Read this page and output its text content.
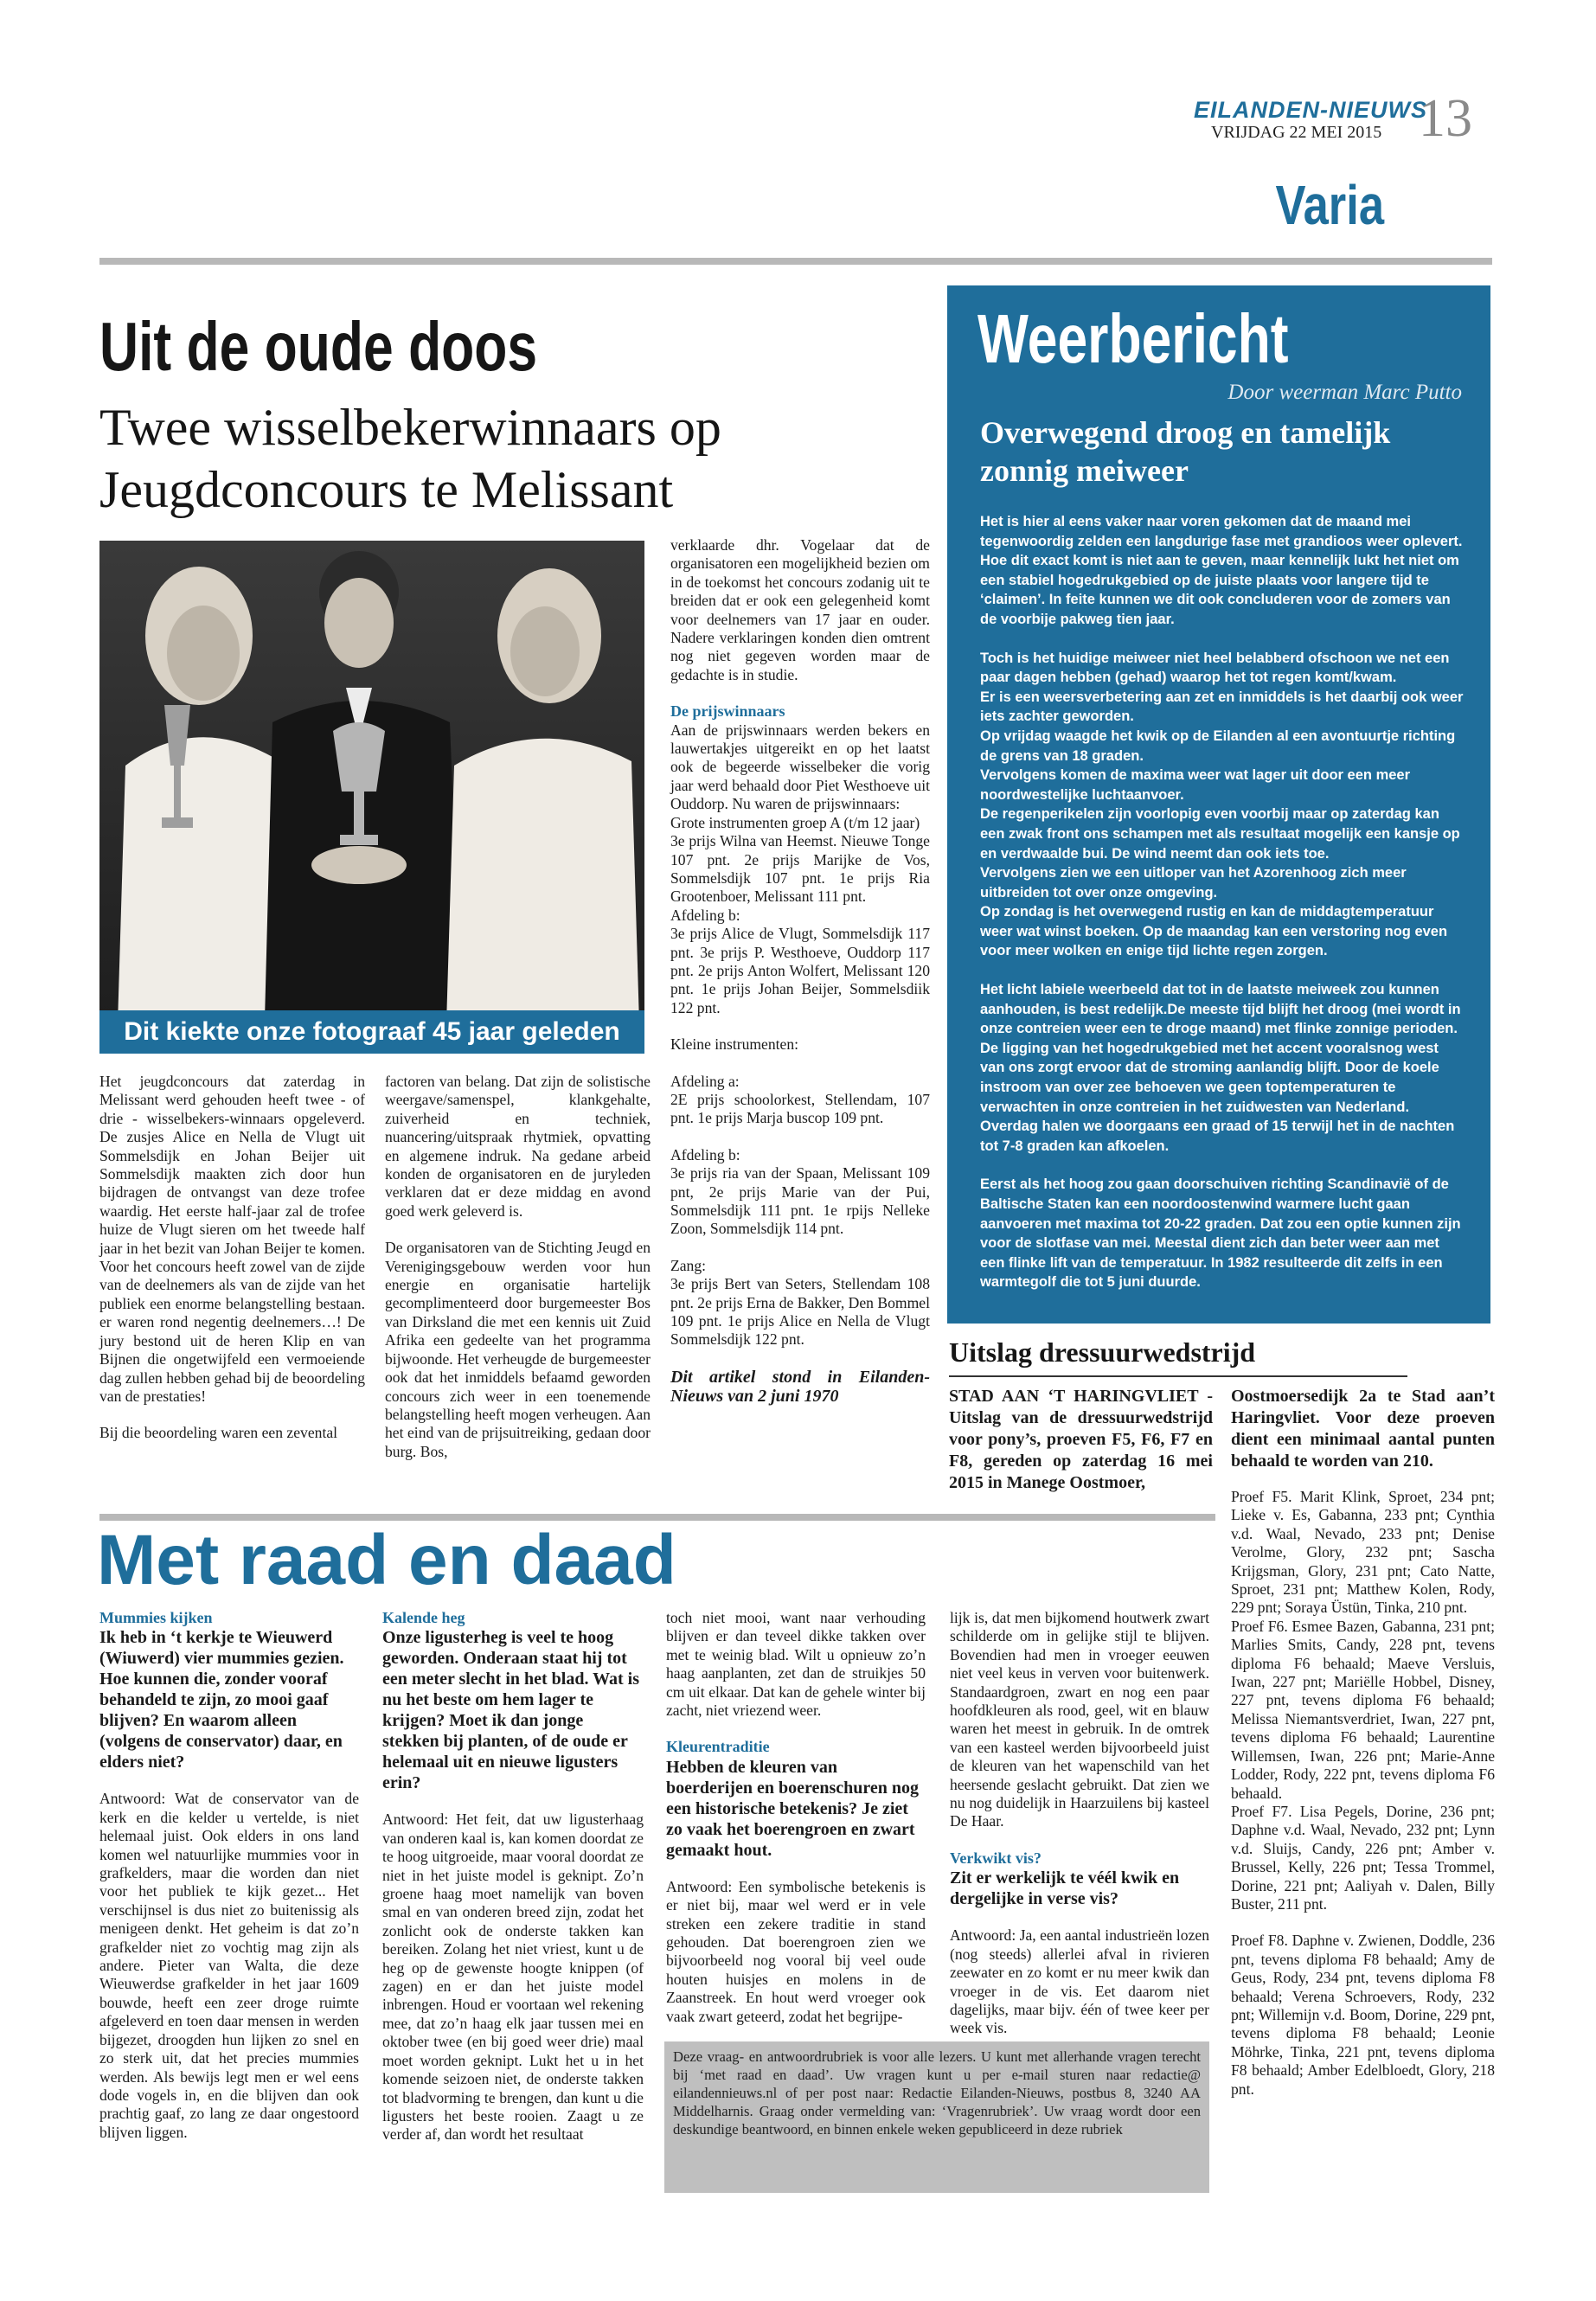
EILANDEN-NIEUWS
VRIJDAG 22 MEI 2015 13
Varia
Uit de oude doos
Twee wisselbekerwinnaars op Jeugdconcours te Melissant
Dit kiekte onze fotograaf 45 jaar geleden

Het jeugdconcours dat zaterdag in Melissant werd gehouden heeft twee - of drie - wisselbekers-winnaars opgeleverd. De zusjes Alice en Nella de Vlugt uit Sommelsdijk en Johan Beijer uit Sommelsdijk maakten zich door hun bijdragen de ontvangst van deze trofee waardig. Het eerste half-jaar zal de trofee huize de Vlugt sieren om het tweede half jaar in het bezit van Johan Beijer te komen. Voor het concours heeft zowel van de zijde van de deelnemers als van de zijde van het publiek een enorme belangstelling bestaan. er waren rond negentig deelnemers…! De jury bestond uit de heren Klip en van Bijnen die ongetwijfeld een vermoeiende dag zullen hebben gehad bij de beoordeling van de prestaties!

Bij die beoordeling waren een zevental

factoren van belang. Dat zijn de solistische weergave/samenspel, klankgehalte, zuiverheid en techniek, nuancering/uitspraak rhytmiek, opvatting en algemene indruk. Na gedane arbeid konden de organisatoren en de juryleden verklaren dat er deze middag en avond goed werk geleverd is.

De organisatoren van de Stichting Jeugd en Verenigingsgebouw werden voor hun energie en organisatie hartelijk gecomplimenteerd door burgemeester Bos van Dirksland die met een kennis uit Zuid Afrika een gedeelte van het programma bijwoonde. Het verheugde de burgemeester ook dat het inmiddels befaamd geworden concours zich weer in een toenemende belangstelling heeft mogen verheugen. Aan het eind van de prijsuitreiking, gedaan door burg. Bos,

verklaarde dhr. Vogelaar dat de organisatoren een mogelijkheid bezien om in de toekomst het concours zodanig uit te breiden dat er ook een gelegenheid komt voor deelnemers van 17 jaar en ouder. Nadere verklaringen konden dien omtrent nog niet gegeven worden maar de gedachte is in studie.

De prijswinnaars

Aan de prijswinnaars werden bekers en lauwertakjes uitgereikt en op het laatst ook de begeerde wisselbeker die vorig jaar werd behaald door Piet Westhoeve uit Ouddorp. Nu waren de prijswinnaars:

Grote instrumenten groep A (t/m 12 jaar)

3e prijs Wilna van Heemst. Nieuwe Tonge 107 pnt. 2e prijs Marijke de Vos, Sommelsdijk 107 pnt. 1e prijs Ria Grootenboer, Melissant 111 pnt.

Afdeling b:

3e prijs Alice de Vlugt, Sommelsdijk 117 pnt. 3e prijs P. Westhoeve, Ouddorp 117 pnt. 2e prijs Anton Wolfert, Melissant 120 pnt. 1e prijs Johan Beijer, Sommelsdiik 122 pnt.

Kleine instrumenten:

Afdeling a:

2E prijs schoolorkest, Stellendam, 107 pnt. 1e prijs Marja buscop 109 pnt.

Afdeling b:

3e prijs ria van der Spaan, Melissant 109 pnt, 2e prijs Marie van der Pui, Sommelsdijk 111 pnt. 1e rpijs Nelleke Zoon, Sommelsdijk 114 pnt.

Zang:

3e prijs Bert van Seters, Stellendam 108 pnt. 2e prijs Erna de Bakker, Den Bommel 109 pnt. 1e prijs Alice en Nella de Vlugt Sommelsdijk 122 pnt.

Dit artikel stond in Eilanden-Nieuws van 2 juni 1970
Weerbericht
Door weerman Marc Putto
Overwegend droog en tamelijk zonnig meiweer

Het is hier al eens vaker naar voren gekomen dat de maand mei tegenwoordig zelden een langdurige fase met grandioos weer oplevert. Hoe dit exact komt is niet aan te geven, maar kennelijk lukt het niet om een stabiel hogedrukgebied op de juiste plaats voor langere tijd te ‘claimen’. In feite kunnen we dit ook concluderen voor de zomers van de voorbije pakweg tien jaar.

Toch is het huidige meiweer niet heel belabberd ofschoon we net een paar dagen hebben (gehad) waarop het tot regen komt/kwam.

Er is een weersverbetering aan zet en inmiddels is het daarbij ook weer iets zachter geworden.

Op vrijdag waagde het kwik op de Eilanden al een avontuurtje richting de grens van 18 graden.

Vervolgens komen de maxima weer wat lager uit door een meer noordwestelijke luchtaanvoer.

De regenperikelen zijn voorlopig even voorbij maar op zaterdag kan een zwak front ons schampen met als resultaat mogelijk een kansje op en verdwaalde bui. De wind neemt dan ook iets toe.

Vervolgens zien we een uitloper van het Azorenhoog zich meer uitbreiden tot over onze omgeving.

Op zondag is het overwegend rustig en kan de middagtemperatuur weer wat winst boeken. Op de maandag kan een verstoring nog even voor meer wolken en enige tijd lichte regen zorgen.

Het licht labiele weerbeeld dat tot in de laatste meiweek zou kunnen aanhouden, is best redelijk.De meeste tijd blijft het droog (mei wordt in onze contreien weer een te droge maand) met flinke zonnige perioden. De ligging van het hogedrukgebied met het accent vooralsnog west van ons zorgt ervoor dat de stroming aanlandig blijft. Door de koele instroom van over zee behoeven we geen toptemperaturen te verwachten in onze contreien in het zuidwesten van Nederland. Overdag halen we doorgaans een graad of 15 terwijl het in de nachten tot 7-8 graden kan afkoelen.

Eerst als het hoog zou gaan doorschuiven richting Scandinavië of de Baltische Staten kan een noordoostenwind warmere lucht gaan aanvoeren met maxima tot 20-22 graden. Dat zou een optie kunnen zijn voor de slotfase van mei. Meestal dient zich dan beter weer aan met een flinke lift van de temperatuur. In 1982 resulteerde dit zelfs in een warmtegolf die tot 5 juni duurde.

Uitslag dressuurwedstrijd
STAD AAN ‘T HARINGVLIET - Uitslag van de dressuurwedstrijd voor pony’s, proeven F5, F6, F7 en F8, gereden op zaterdag 16 mei 2015 in Manege Oostmoer,
Oostmoersedijk 2a te Stad aan’t Haringvliet. Voor deze proeven dient een minimaal aantal punten behaald te worden van 210.

Proef F5. Marit Klink, Sproet, 234 pnt; Lieke v. Es, Gabanna, 233 pnt; Cynthia v.d. Waal, Nevado, 233 pnt; Denise Verolme, Glory, 232 pnt; Sascha Krijgsman, Glory, 231 pnt; Cato Natte, Sproet, 231 pnt; Matthew Kolen, Rody, 229 pnt; Soraya Üstün, Tinka, 210 pnt.

Proef F6. Esmee Bazen, Gabanna, 231 pnt; Marlies Smits, Candy, 228 pnt, tevens diploma F6 behaald; Maeve Versluis, Iwan, 227 pnt; Mariëlle Hobbel, Disney, 227 pnt, tevens diploma F6 behaald; Melissa Niemantsverdriet, Iwan, 227 pnt, tevens diploma F6 behaald; Laurentine Willemsen, Iwan, 226 pnt; Marie-Anne Lodder, Rody, 222 pnt, tevens diploma F6 behaald.

Proef F7. Lisa Pegels, Dorine, 236 pnt; Daphne v.d. Waal, Nevado, 232 pnt; Lynn v.d. Sluijs, Candy, 226 pnt; Amber v. Brussel, Kelly, 226 pnt; Tessa Trommel, Dorine, 221 pnt; Aaliyah v. Dalen, Billy Buster, 211 pnt.

Proef F8. Daphne v. Zwienen, Doddle, 236 pnt, tevens diploma F8 behaald; Amy de Geus, Rody, 234 pnt, tevens diploma F8 behaald; Verena Schroevers, Rody, 232 pnt; Willemijn v.d. Boom, Dorine, 229 pnt, tevens diploma F8 behaald; Leonie Möhrke, Tinka, 221 pnt, tevens diploma F8 behaald; Amber Edelbloedt, Glory, 218 pnt.

Met raad en daad
Mummies kijken
Ik heb in ‘t kerkje te Wieuwerd (Wiuwerd) vier mummies gezien. Hoe kunnen die, zonder vooraf behandeld te zijn, zo mooi gaaf blijven? En waarom alleen (volgens de conservator) daar, en elders niet?

Antwoord: Wat de conservator van de kerk en die kelder u vertelde, is niet helemaal juist. Ook elders in ons land komen wel natuurlijke mummies voor in grafkelders, maar die worden dan niet voor het publiek te kijk gezet... Het verschijnsel is dus niet zo buitenissig als menigeen denkt. Het geheim is dat zo’n grafkelder niet zo vochtig mag zijn als andere. Pieter van Walta, die deze Wieuwerdse grafkelder in het jaar 1609 bouwde, heeft een zeer droge ruimte afgeleverd en toen daar mensen in werden bijgezet, droogden hun lijken zo snel en zo sterk uit, dat het precies mummies werden. Als bewijs legt men er wel eens dode vogels in, en die blijven dan ook prachtig gaaf, zo lang ze daar ongestoord blijven liggen.

Kalende heg
Onze ligusterheg is veel te hoog geworden. Onderaan staat hij tot een meter slecht in het blad. Wat is nu het beste om hem lager te krijgen? Moet ik dan jonge stekken bij planten, of de oude er helemaal uit en nieuwe ligusters erin?

Antwoord: Het feit, dat uw ligusterhaag van onderen kaal is, kan komen doordat ze te hoog uitgroeide, maar vooral doordat ze niet in het juiste model is geknipt. Zo’n groene haag moet namelijk van boven smal en van onderen breed zijn, zodat het zonlicht ook de onderste takken kan bereiken. Zolang het niet vriest, kunt u de heg op de gewenste hoogte knippen (of zagen) en er dan het juiste model inbrengen. Houd er voortaan wel rekening mee, dat zo’n haag elk jaar tussen mei en oktober twee (en bij goed weer drie) maal moet worden geknipt. Lukt het u in het komende seizoen niet, de onderste takken tot bladvorming te brengen, dan kunt u die ligusters het beste rooien. Zaagt u ze verder af, dan wordt het resultaat

toch niet mooi, want naar verhouding blijven er dan teveel dikke takken over met te weinig blad. Wilt u opnieuw zo’n haag aanplanten, zet dan de struikjes 50 cm uit elkaar. Dat kan de gehele winter bij zacht, niet vriezend weer.

Kleurentraditie
Hebben de kleuren van boerderijen en boerenschuren nog een historische betekenis? Je ziet zo vaak het boerengroen en zwart gemaakt hout.

Antwoord: Een symbolische betekenis is er niet bij, maar wel werd er in vele streken een zekere traditie in stand gehouden. Dat boerengroen zien we bijvoorbeeld nog vooral bij veel oude houten huisjes en molens in de Zaanstreek. En hout werd vroeger ook vaak zwart geteerd, zodat het begrijpe-

lijk is, dat men bijkomend houtwerk zwart schilderde om in gelijke stijl te blijven. Bovendien had men in vroeger eeuwen niet veel keus in verven voor buitenwerk. Standaardgroen, zwart en nog een paar hoofdkleuren als rood, geel, wit en blauw waren het meest in gebruik. In de omtrek van een kasteel werden bijvoorbeeld juist de kleuren van het wapenschild van het heersende geslacht gebruikt. Dat zien we nu nog duidelijk in Haarzuilens bij kasteel De Haar.

Verkwikt vis?
Zit er werkelijk te véél kwik en dergelijke in verse vis?

Antwoord: Ja, een aantal industrieën lozen (nog steeds) allerlei afval in rivieren zeewater en zo komt er nu meer kwik dan vroeger in de vis. Eet daarom niet dagelijks, maar bijv. één of twee keer per week vis.

Deze vraag- en antwoordrubriek is voor alle lezers. U kunt met allerhande vragen terecht bij ‘met raad en daad’. Uw vragen kunt u per e-mail sturen naar redactie@ eilandennieuws.nl of per post naar: Redactie Eilanden-Nieuws, postbus 8, 3240 AA Middelharnis. Graag onder vermelding van: ‘Vragenrubriek’. Uw vraag wordt door een deskundige beantwoord, en binnen enkele weken gepubliceerd in deze rubriek
